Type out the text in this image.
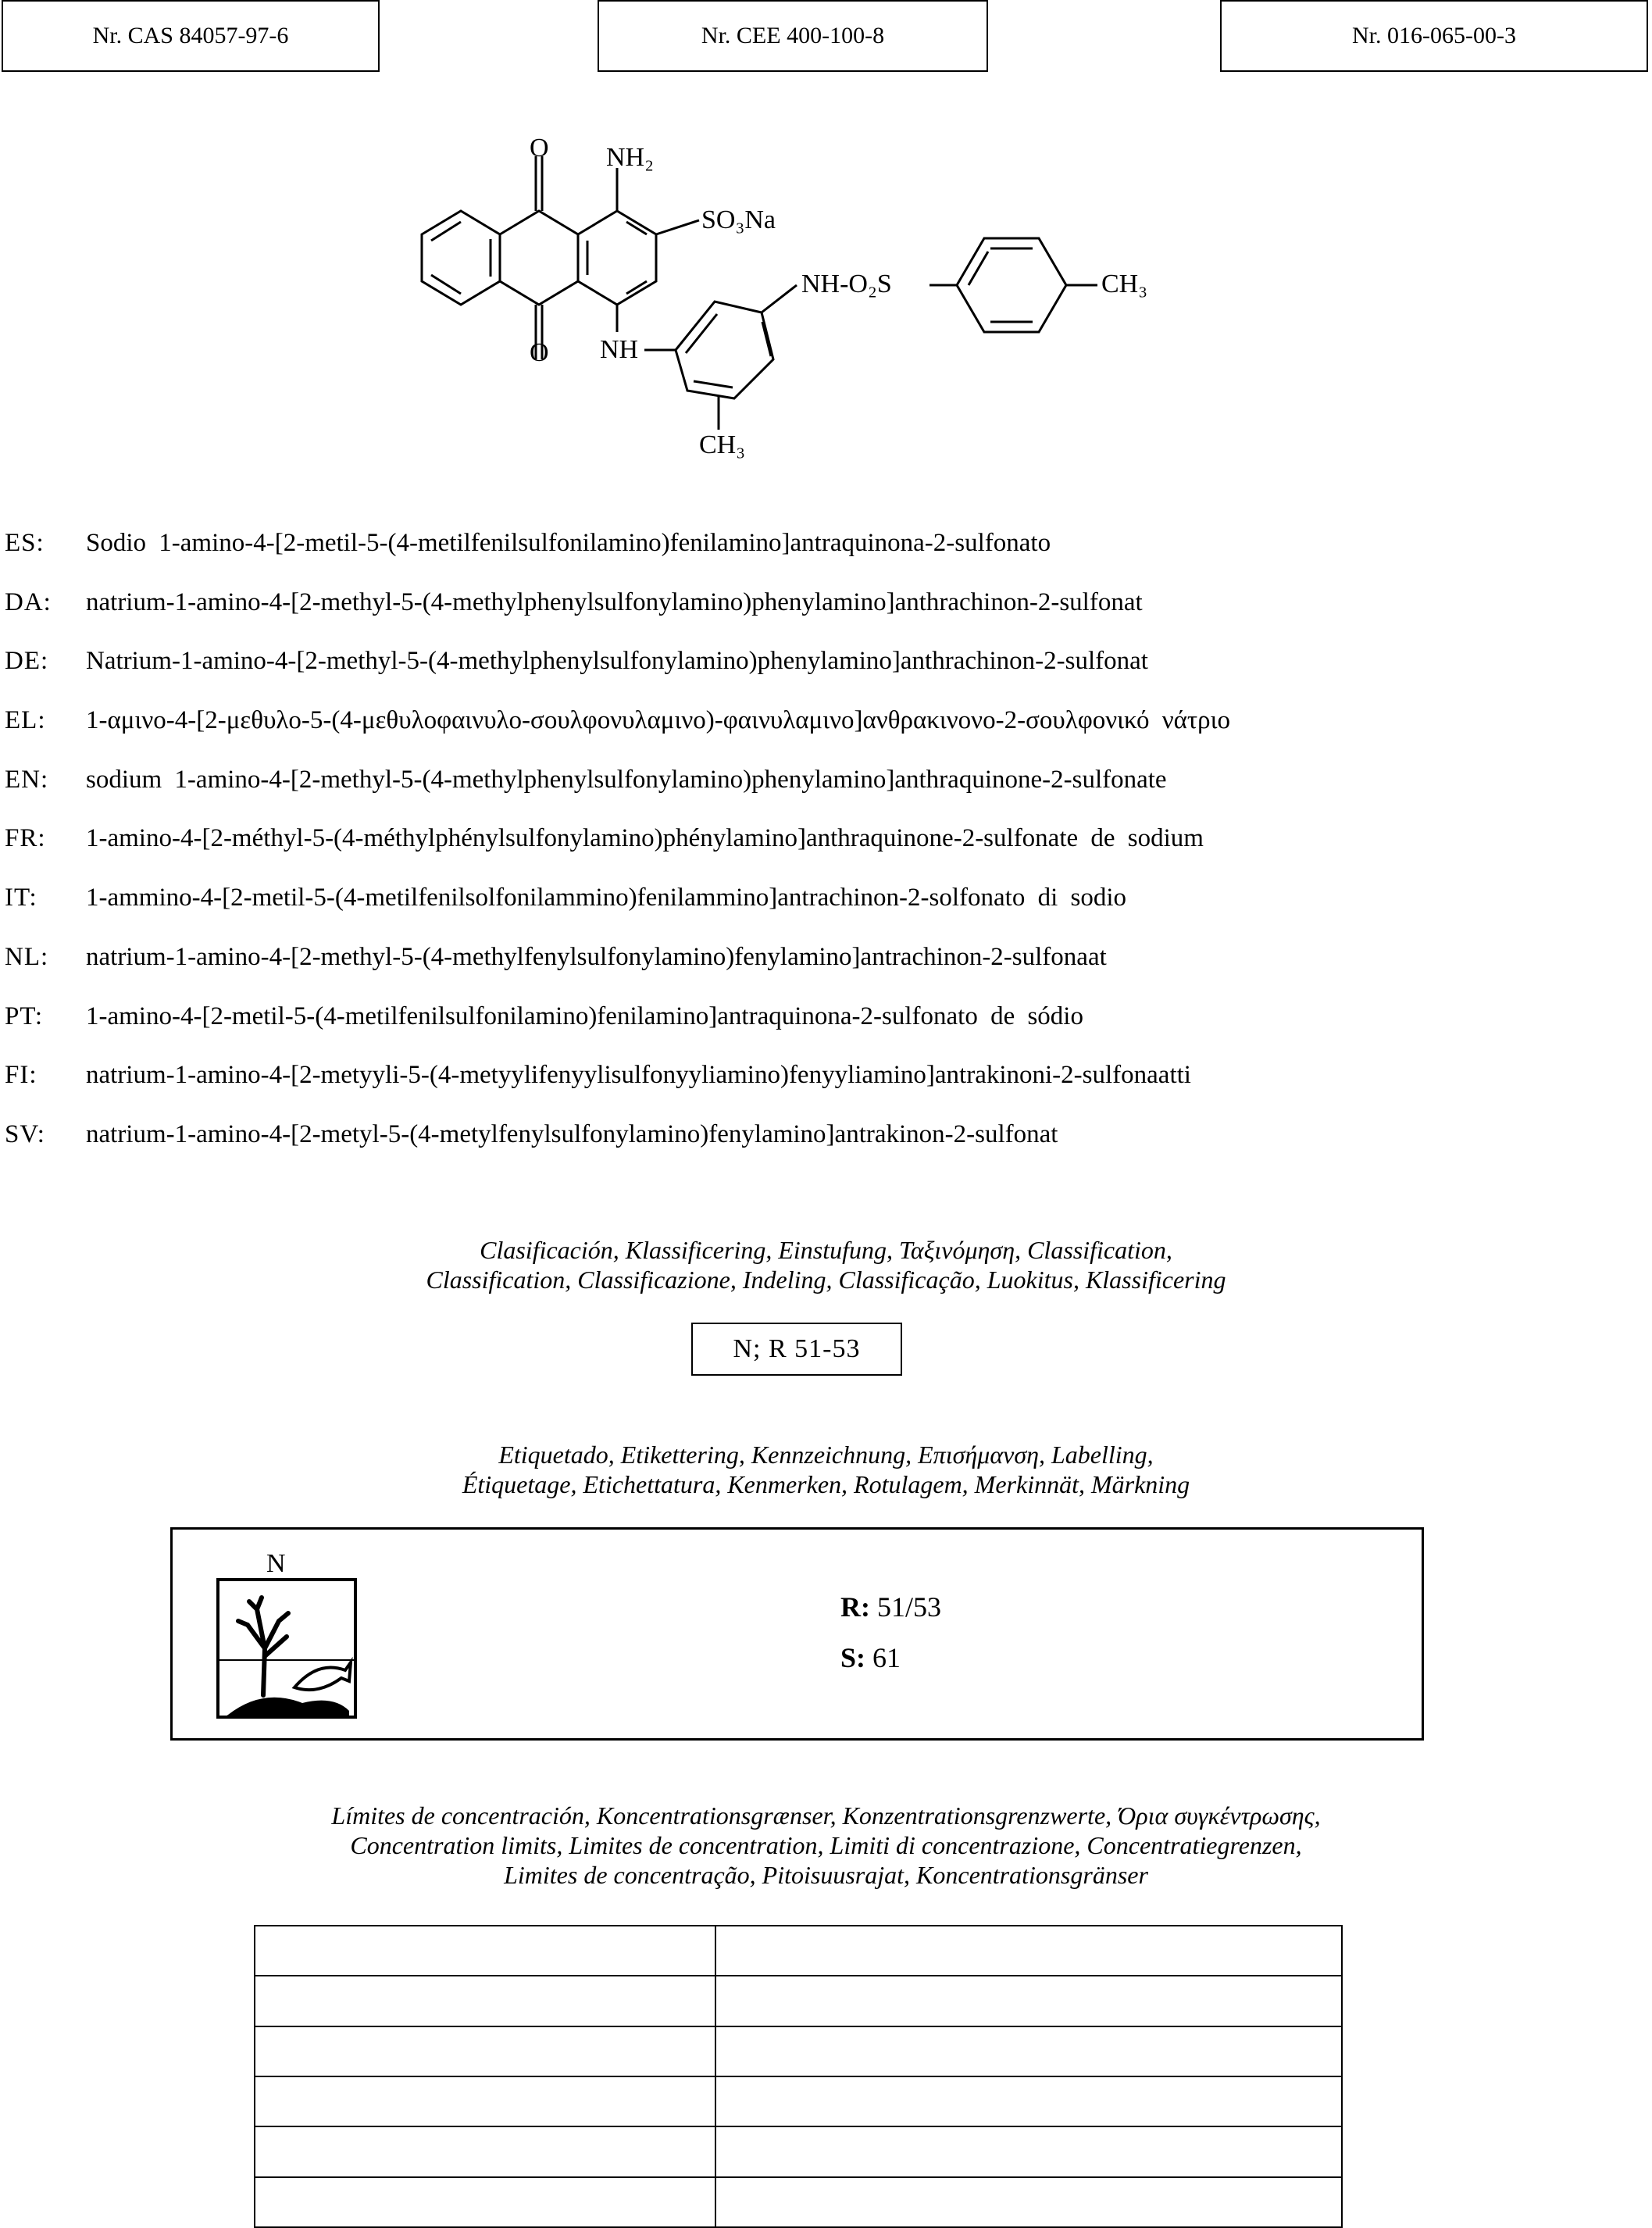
Nr. CAS 84057-97-6	Nr. CEE 400-100-8	Nr. 016-065-00-3
O
O
NH₂
SO₃Na
NH
NH-O₂S	CH₃
CH₃
ES: Sodio 1-amino-4-[2-metil-5-(4-metilfenilsulfonilamino)fenilamino]antraquinona-2-sulfonato
DA: natrium-1-amino-4-[2-methyl-5-(4-methylphenylsulfonylamino)phenylamino]anthrachinon-2-sulfonat
DE: Natrium-1-amino-4-[2-methyl-5-(4-methylphenylsulfonylamino)phenylamino]anthrachinon-2-sulfonat
EL: 1-αμινο-4-[2-μεθυλο-5-(4-μεθυλοφαινυλο-σουλφονυλαμινο)-φαινυλαμινο]ανθρακινονο-2-σουλφονικό νάτριο
EN: sodium 1-amino-4-[2-methyl-5-(4-methylphenylsulfonylamino)phenylamino]anthraquinone-2-sulfonate
FR: 1-amino-4-[2-méthyl-5-(4-méthylphénylsulfonylamino)phénylamino]anthraquinone-2-sulfonate de sodium
IT: 1-ammino-4-[2-metil-5-(4-metilfenilsolfonilammino)fenilammino]antrachinon-2-solfonato di sodio
NL: natrium-1-amino-4-[2-methyl-5-(4-methylfenylsulfonylamino)fenylamino]antrachinon-2-sulfonaat
PT: 1-amino-4-[2-metil-5-(4-metilfenilsulfonilamino)fenilamino]antraquinona-2-sulfonato de sódio
FI: natrium-1-amino-4-[2-metyyli-5-(4-metyylifenyylisulfonyyliamino)fenyyliamino]antrakinoni-2-sulfonaatti
SV: natrium-1-amino-4-[2-metyl-5-(4-metylfenylsulfonylamino)fenylamino]antrakinon-2-sulfonat
Clasificación, Klassificering, Einstufung, Ταξινόμηση, Classification,
Classification, Classificazione, Indeling, Classificação, Luokitus, Klassificering
N; R 51-53
Etiquetado, Etikettering, Kennzeichnung, Επισήμανση, Labelling,
Étiquetage, Etichettatura, Kenmerken, Rotulagem, Merkinnät, Märkning
N
R: 51/53
S: 61
Límites de concentración, Koncentrationsgrænser, Konzentrationsgrenzwerte, Όρια συγκέντρωσης,
Concentration limits, Limites de concentration, Limiti di concentrazione, Concentratiegrenzen,
Limites de concentração, Pitoisuusrajat, Koncentrationsgränser
